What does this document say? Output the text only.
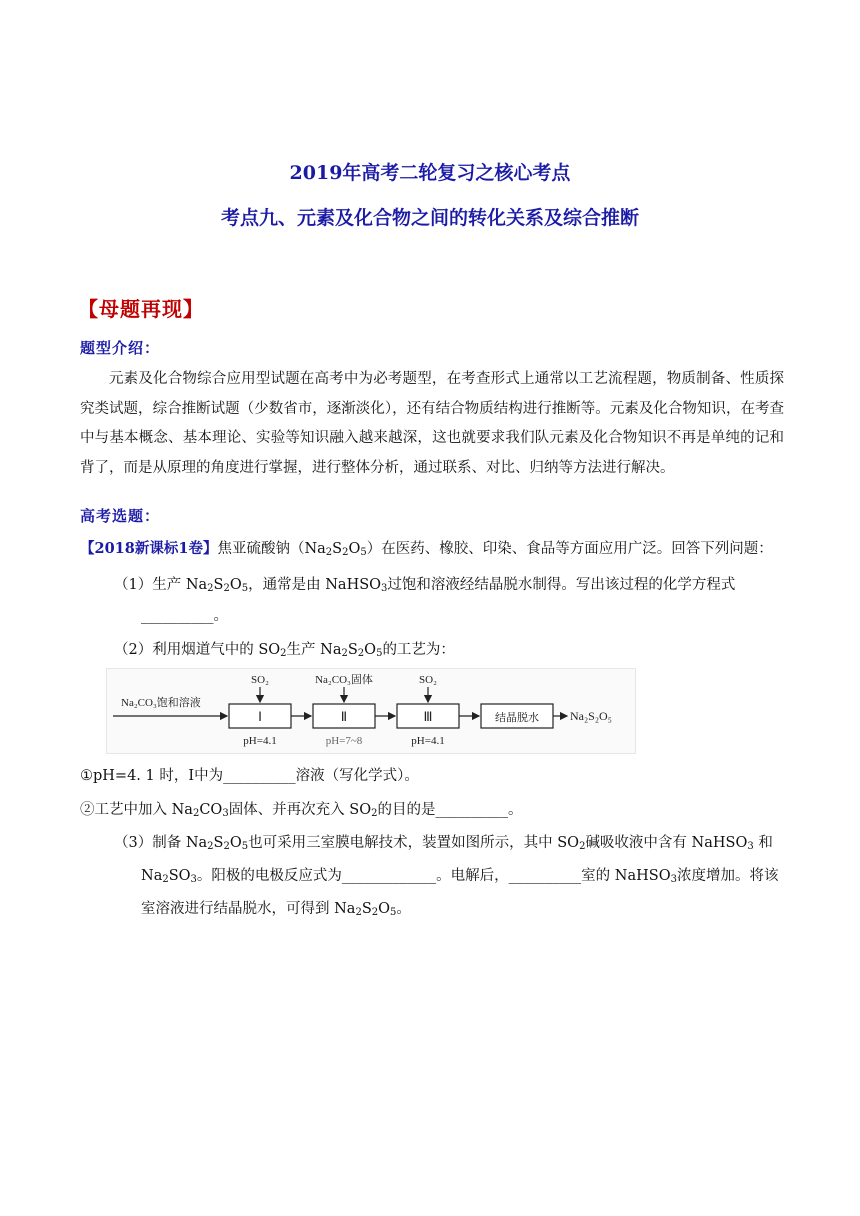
2019年高考二轮复习之核心考点
考点九、元素及化合物之间的转化关系及综合推断
【母题再现】
题型介绍：
元素及化合物综合应用型试题在高考中为必考题型，在考查形式上通常以工艺流程题，物质制备、性质探究类试题，综合推断试题（少数省市，逐渐淡化），还有结合物质结构进行推断等。元素及化合物知识，在考查中与基本概念、基本理论、实验等知识融入越来越深，这也就要求我们队元素及化合物知识不再是单纯的记和背了，而是从原理的角度进行掌握，进行整体分析，通过联系、对比、归纳等方法进行解决。
高考选题：
【2018新课标1卷】焦亚硫酸钠$(Na_2S_2O_5)$在医药、橡胶、印染、食品等方面应用广泛。回答下列问题：
（1）生产 $Na_2S_2O_5$，通常是由 NaHSO$_3$过饱和溶液经结晶脱水制得。写出该过程的化学方程式
__________。
（2）利用烟道气中的 $SO_2$生产 $Na_2S_2O_5$的工艺为：
Na₂CO₃饱和溶液
Ⅰ
SO₂
pH=4.1
Ⅱ
Na₂CO₃固体
pH=7~8
Ⅲ
SO₂
pH=4.1
结晶脱水	Na₂S₂O₅
①pH=4. 1 时，Ⅰ中为__________溶液（写化学式）。
②工艺中加入 $Na_2CO_3$固体、并再次充入 $SO_2$的目的是__________。
（3）制备 $Na_2S_2O_5$也可采用三室膜电解技术，装置如图所示，其中 $SO_2$碱吸收液中含有 NaHSO$_3$ 和
$Na_2SO_3$。阳极的电极反应式为_____________。电解后，__________室的 NaHSO$_3$浓度增加。将该
室溶液进行结晶脱水，可得到 $Na_2S_2O_5$。
